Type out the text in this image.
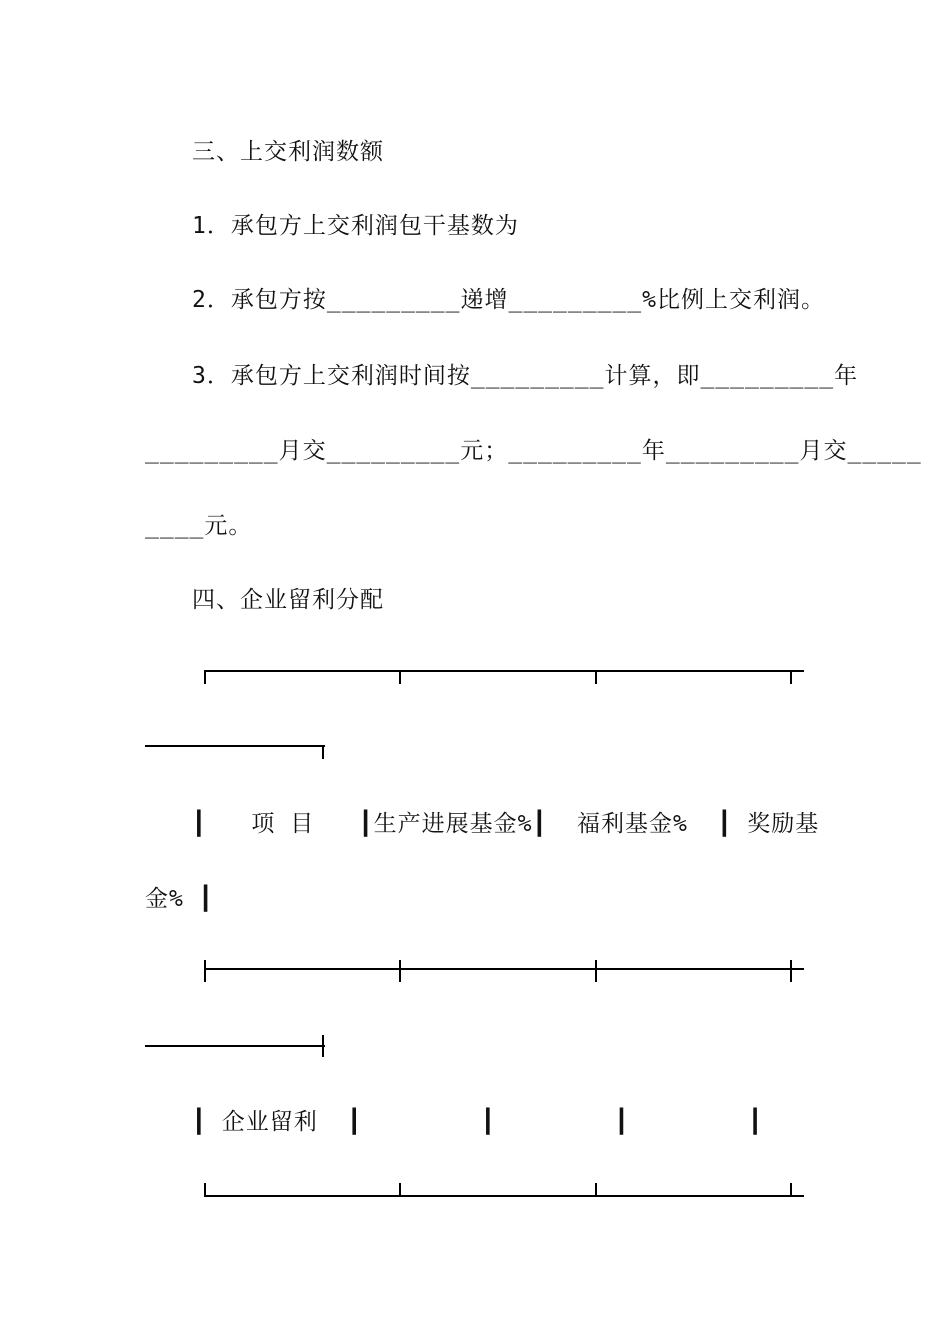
三、上交利润数额
1．承包方上交利润包干基数为
2．承包方按_________递增_________%比例上交利润。
3．承包方上交利润时间按_________计算，即_________年
_________月交_________元；_________年_________月交_____
____元。
四、企业留利分配
┃   项 目   ┃生产进展基金%┃  福利基金%  ┃ 奖励基
金% ┃
┃ 企业留利  ┃        ┃        ┃        ┃
